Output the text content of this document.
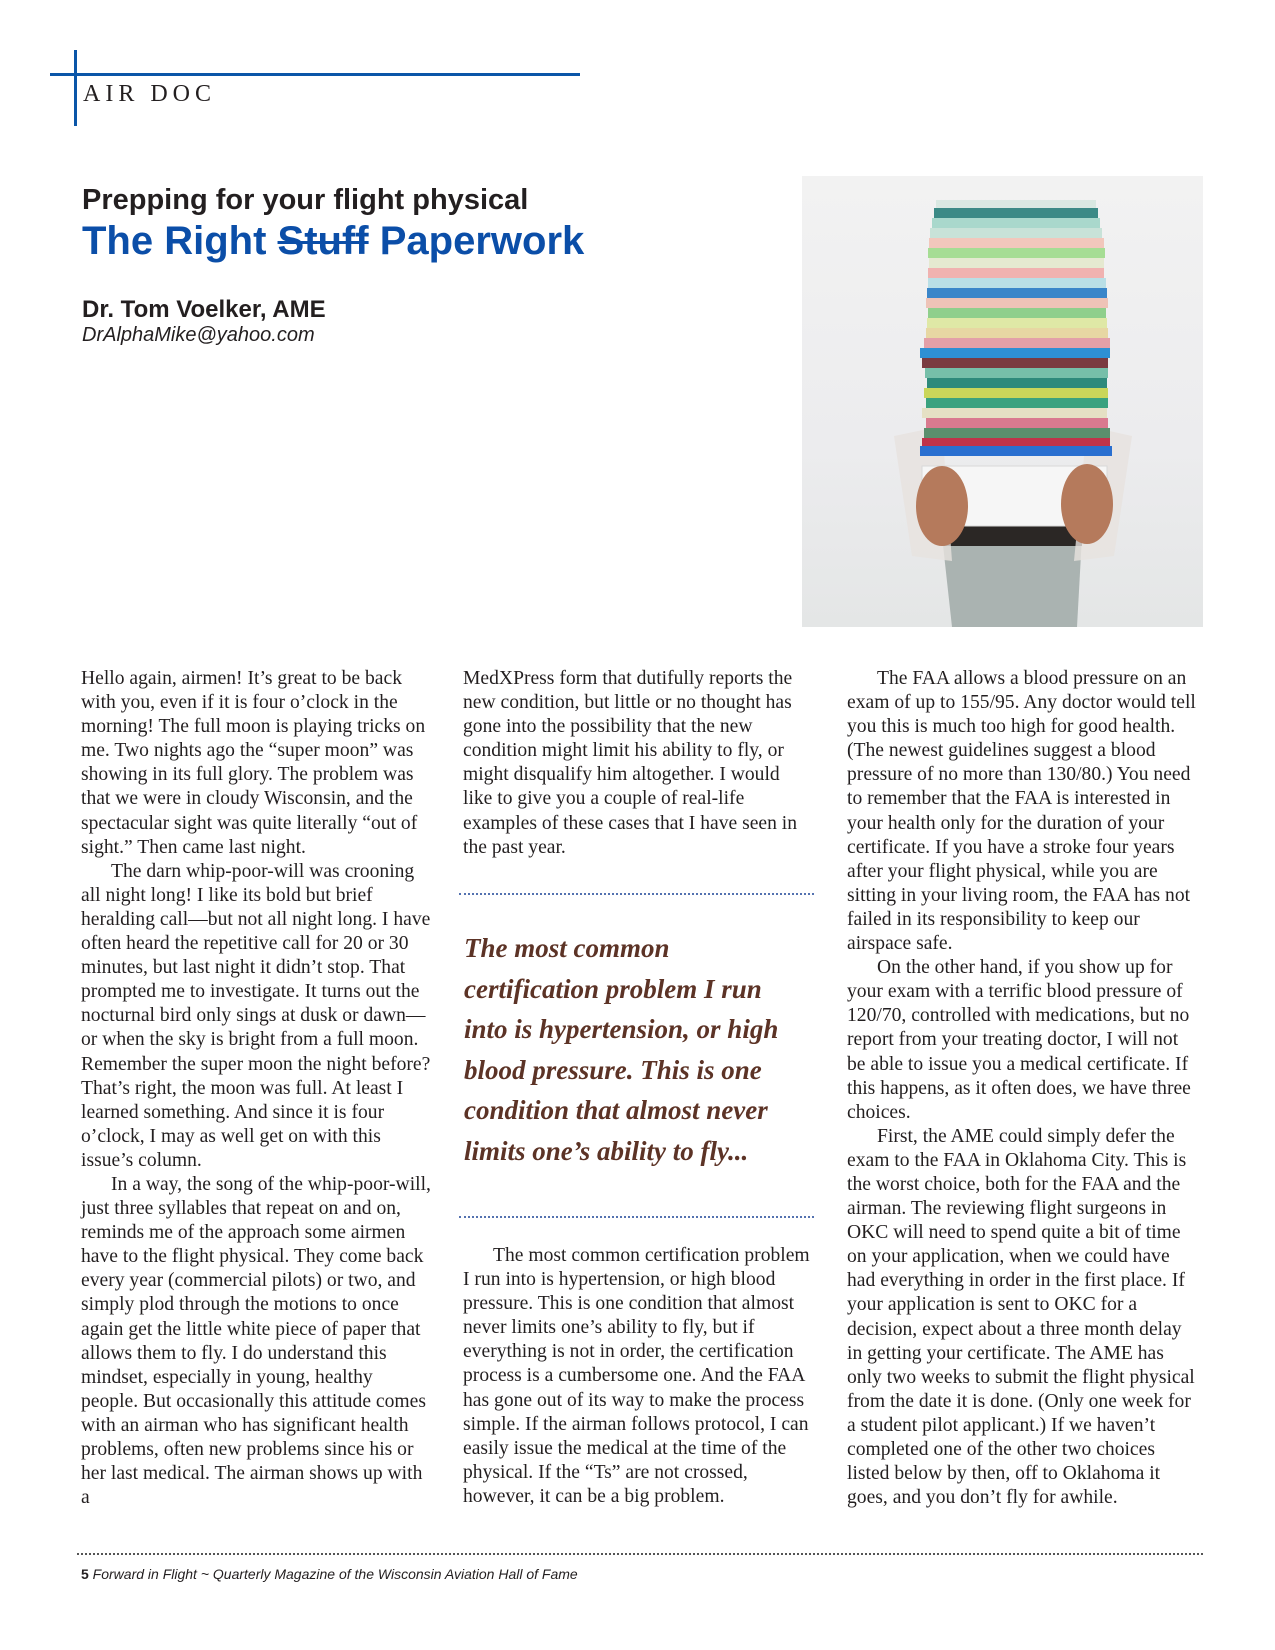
AIR DOC
Prepping for your flight physical
The Right Stuff Paperwork
Dr. Tom Voelker, AME
DrAlphaMike@yahoo.com

Hello again, airmen! It’s great to be back with you, even if it is four o’clock in the morning! The full moon is playing tricks on me. Two nights ago the “super moon” was showing in its full glory. The problem was that we were in cloudy Wisconsin, and the spectacular sight was quite literally “out of sight.” Then came last night.

The darn whip-poor-will was crooning all night long! I like its bold but brief heralding call—but not all night long. I have often heard the repetitive call for 20 or 30 minutes, but last night it didn’t stop. That prompted me to investigate. It turns out the nocturnal bird only sings at dusk or dawn—or when the sky is bright from a full moon. Remember the super moon the night before? That’s right, the moon was full. At least I learned something. And since it is four o’clock, I may as well get on with this issue’s column.

In a way, the song of the whip-poor-will, just three syllables that repeat on and on, reminds me of the approach some airmen have to the flight physical. They come back every year (commercial pilots) or two, and simply plod through the motions to once again get the little white piece of paper that allows them to fly. I do understand this mindset, especially in young, healthy people. But occasionally this attitude comes with an airman who has significant health problems, often new problems since his or her last medical. The airman shows up with a

MedXPress form that dutifully reports the new condition, but little or no thought has gone into the possibility that the new condition might limit his ability to fly, or might disqualify him altogether. I would like to give you a couple of real-life examples of these cases that I have seen in the past year.

The most common certification problem I run into is hypertension, or high blood pressure. This is one condition that almost never limits one’s ability to fly...

The most common certification problem I run into is hypertension, or high blood pressure. This is one condition that almost never limits one’s ability to fly, but if everything is not in order, the certification process is a cumbersome one. And the FAA has gone out of its way to make the process simple. If the airman follows protocol, I can easily issue the medical at the time of the physical. If the “Ts” are not crossed, however, it can be a big problem.

The FAA allows a blood pressure on an exam of up to 155/95. Any doctor would tell you this is much too high for good health. (The newest guidelines suggest a blood pressure of no more than 130/80.) You need to remember that the FAA is interested in your health only for the duration of your certificate. If you have a stroke four years after your flight physical, while you are sitting in your living room, the FAA has not failed in its responsibility to keep our airspace safe.

On the other hand, if you show up for your exam with a terrific blood pressure of 120/70, controlled with medications, but no report from your treating doctor, I will not be able to issue you a medical certificate. If this happens, as it often does, we have three choices.

First, the AME could simply defer the exam to the FAA in Oklahoma City. This is the worst choice, both for the FAA and the airman. The reviewing flight surgeons in OKC will need to spend quite a bit of time on your application, when we could have had everything in order in the first place. If your application is sent to OKC for a decision, expect about a three month delay in getting your certificate. The AME has only two weeks to submit the flight physical from the date it is done. (Only one week for a student pilot applicant.) If we haven’t completed one of the other two choices listed below by then, off to Oklahoma it goes, and you don’t fly for awhile.

5 Forward in Flight ~ Quarterly Magazine of the Wisconsin Aviation Hall of Fame
